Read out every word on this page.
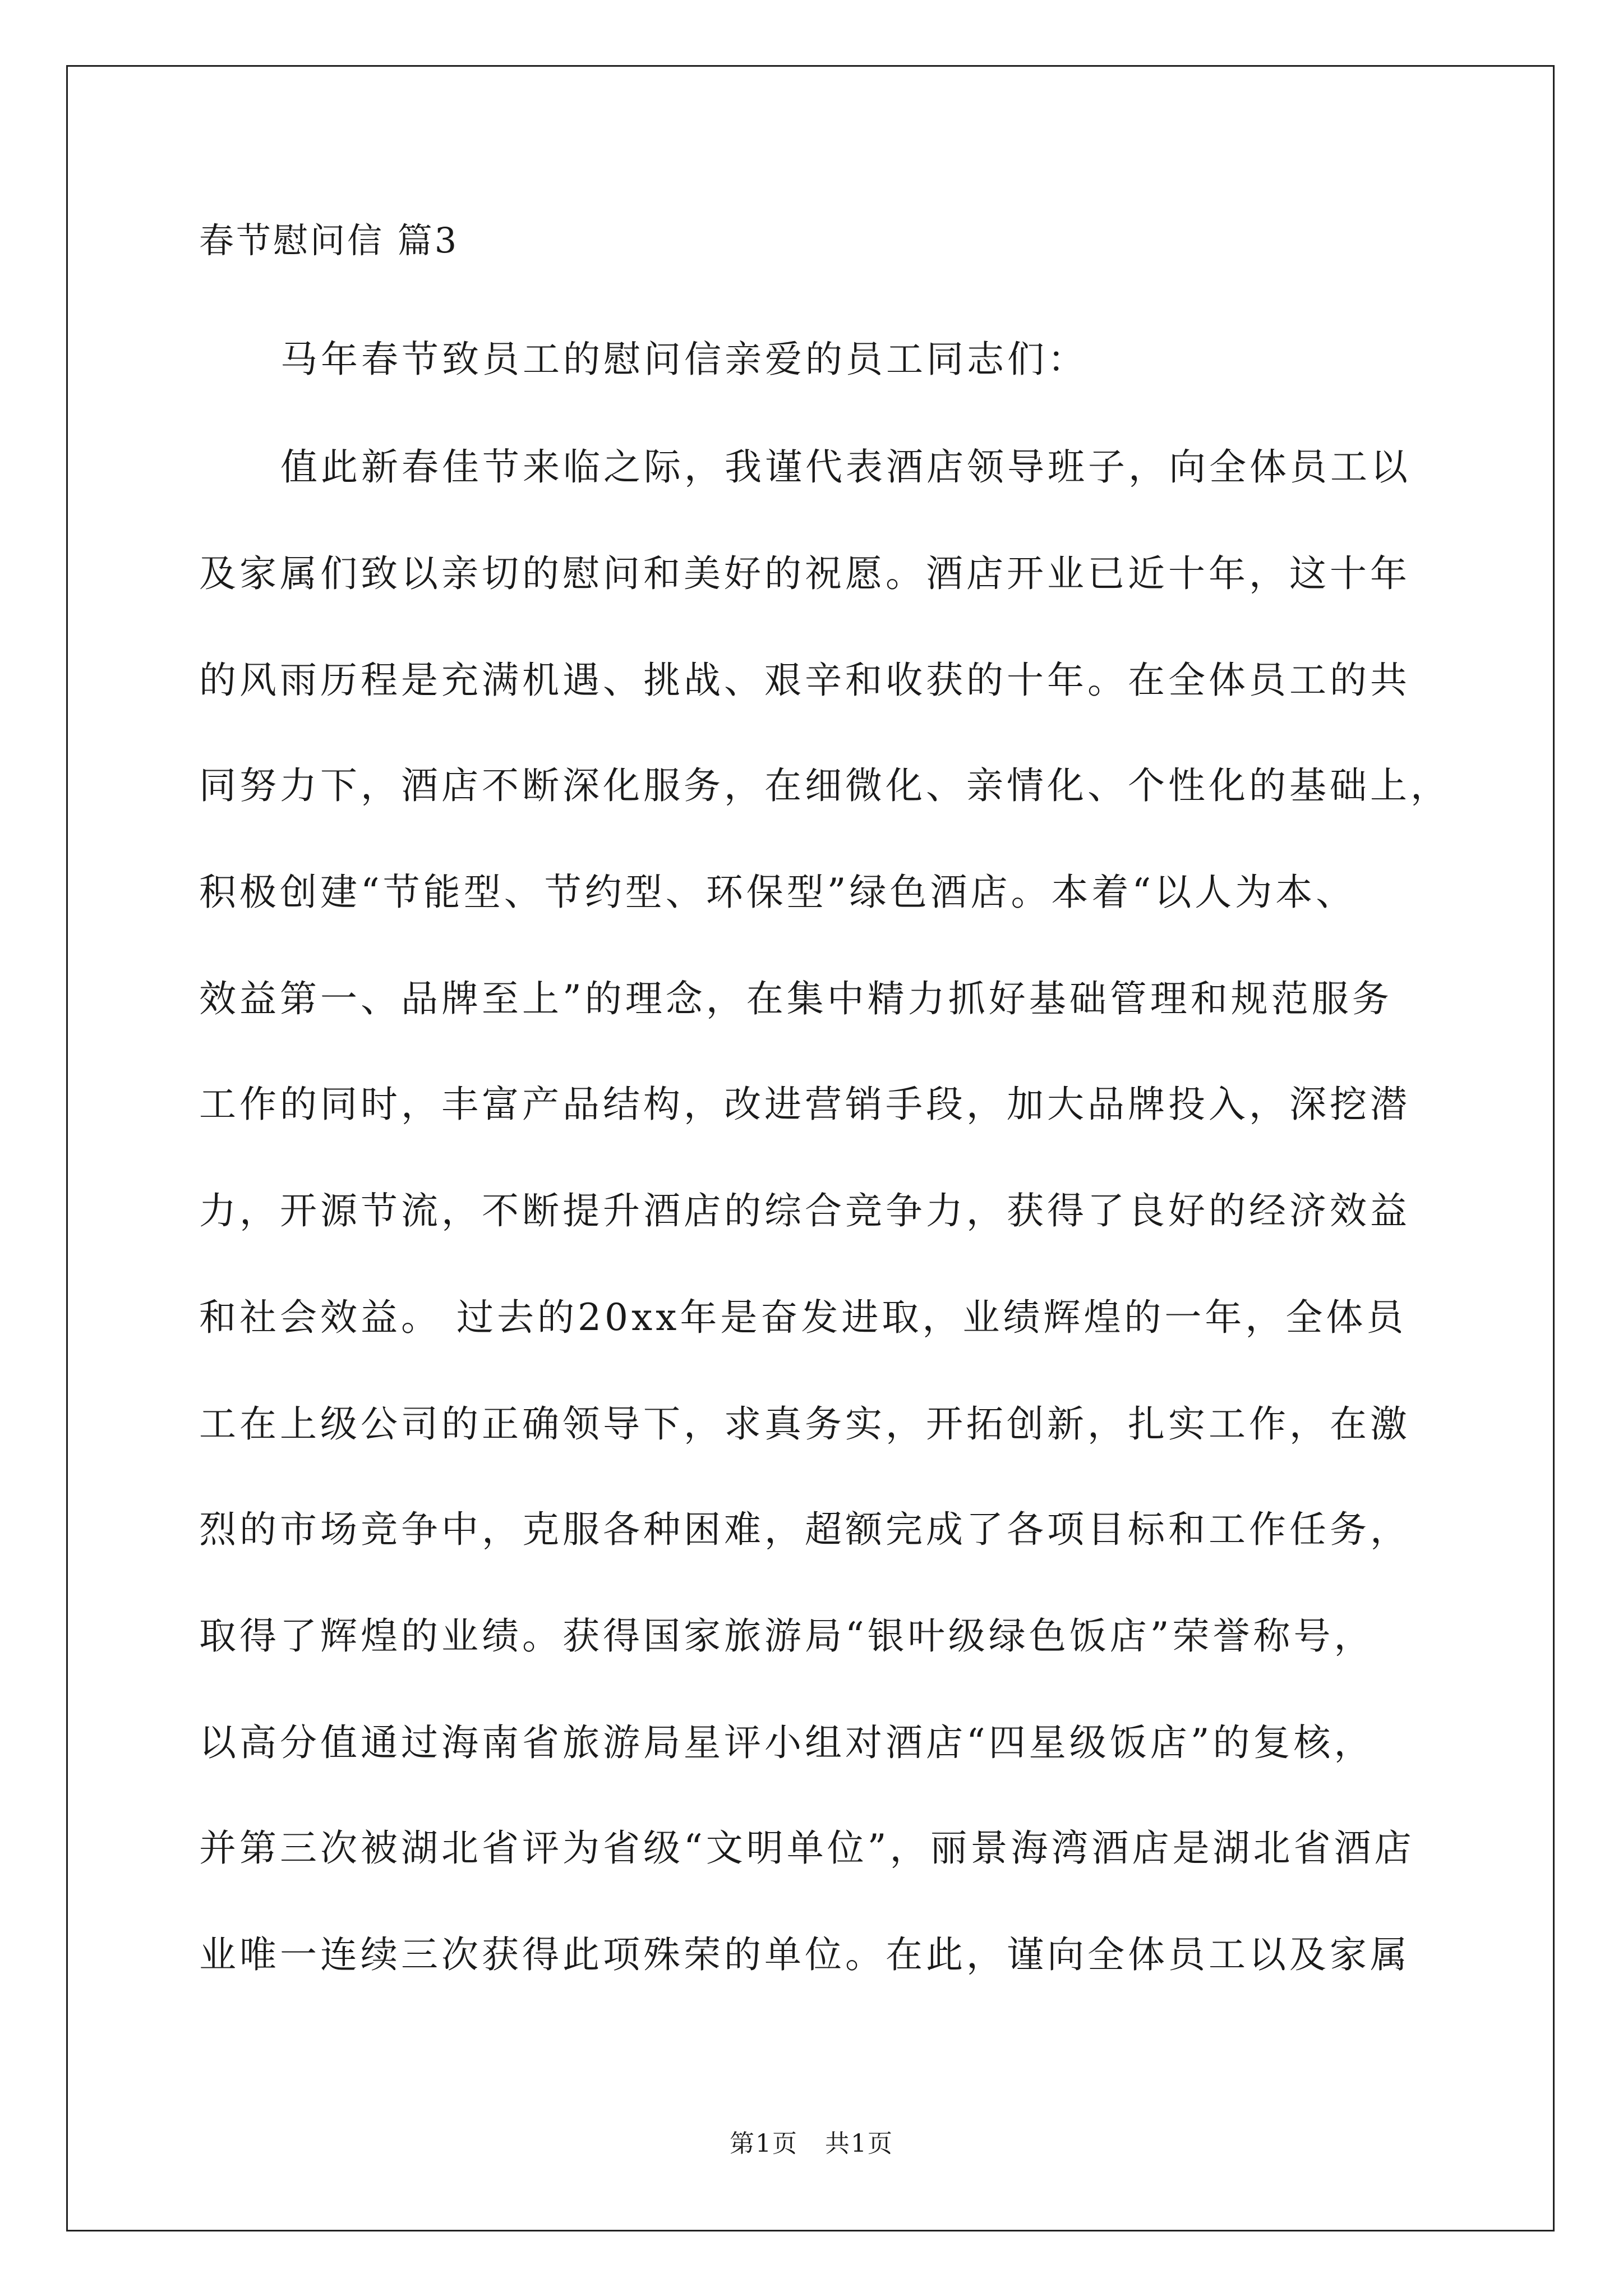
春节慰问信 篇3
马年春节致员工的慰问信亲爱的员工同志们：
值此新春佳节来临之际，我谨代表酒店领导班子，向全体员工以
及家属们致以亲切的慰问和美好的祝愿。酒店开业已近十年，这十年
的风雨历程是充满机遇、挑战、艰辛和收获的十年。在全体员工的共
同努力下，酒店不断深化服务，在细微化、亲情化、个性化的基础上，
积极创建“节能型、节约型、环保型”绿色酒店。本着“以人为本、
效益第一、品牌至上”的理念，在集中精力抓好基础管理和规范服务
工作的同时，丰富产品结构，改进营销手段，加大品牌投入，深挖潜
力，开源节流，不断提升酒店的综合竞争力，获得了良好的经济效益
和社会效益。 过去的20xx年是奋发进取，业绩辉煌的一年，全体员
工在上级公司的正确领导下，求真务实，开拓创新，扎实工作，在激
烈的市场竞争中，克服各种困难，超额完成了各项目标和工作任务，
取得了辉煌的业绩。获得国家旅游局“银叶级绿色饭店”荣誉称号，
以高分值通过海南省旅游局星评小组对酒店“四星级饭店”的复核，
并第三次被湖北省评为省级“文明单位”，丽景海湾酒店是湖北省酒店
业唯一连续三次获得此项殊荣的单位。在此，谨向全体员工以及家属
第1页   共1页
